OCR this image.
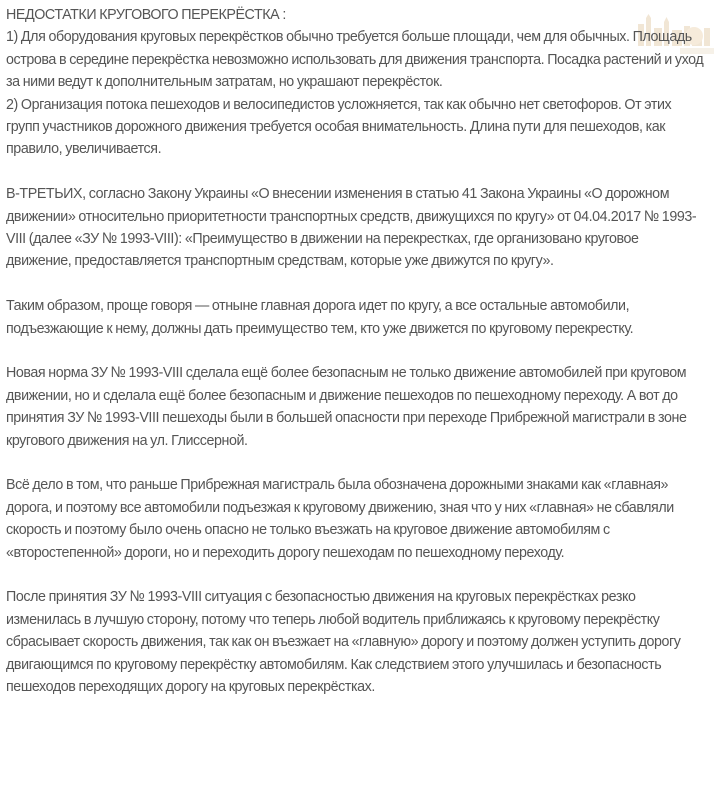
НЕДОСТАТКИ КРУГОВОГО ПЕРЕКРЁСТКА :
1) Для оборудования круговых перекрёстков обычно требуется больше площади, чем для обычных. Площадь
острова в середине перекрёстка невозможно использовать для движения транспорта. Посадка растений и уход
за ними ведут к дополнительным затратам, но украшают перекрёсток.
2) Организация потока пешеходов и велосипедистов усложняется, так как обычно нет светофоров. От этих
групп участников дорожного движения требуется особая внимательность. Длина пути для пешеходов, как
правило, увеличивается.
В-ТРЕТЬИХ, согласно Закону Украины «О внесении изменения в статью 41 Закона Украины «О дорожном
движении» относительно приоритетности транспортных средств, движущихся по кругу» от 04.04.2017 № 1993-
VIII (далее «ЗУ № 1993-VIII): «Преимущество в движении на перекрестках, где организовано круговое
движение, предоставляется транспортным средствам, которые уже движутся по кругу».
Таким образом, проще говоря — отныне главная дорога идет по кругу, а все остальные автомобили,
подъезжающие к нему, должны дать преимущество тем, кто уже движется по круговому перекрестку.
Новая норма ЗУ № 1993-VIII сделала ещё более безопасным не только движение автомобилей при круговом
движении, но и сделала ещё более безопасным и движение пешеходов по пешеходному переходу. А вот до
принятия ЗУ № 1993-VIII пешеходы были в большей опасности при переходе Прибрежной магистрали в зоне
кругового движения на ул. Глиссерной.
Всё дело в том, что раньше Прибрежная магистраль была обозначена дорожными знаками как «главная»
дорога, и поэтому все автомобили подъезжая к круговому движению, зная что у них «главная» не сбавляли
скорость и поэтому было очень опасно не только въезжать на круговое движение автомобилям с
«второстепенной» дороги, но и переходить дорогу пешеходам по пешеходному переходу.
После принятия ЗУ № 1993-VIII ситуация с безопасностью движения на круговых перекрёстках резко
изменилась в лучшую сторону, потому что теперь любой водитель приближаясь к круговому перекрёстку
сбрасывает скорость движения, так как он въезжает на «главную» дорогу и поэтому должен уступить дорогу
двигающимся по круговому перекрёстку автомобилям. Как следствием этого улучшилась и безопасность
пешеходов переходящих дорогу на круговых перекрёстках.
